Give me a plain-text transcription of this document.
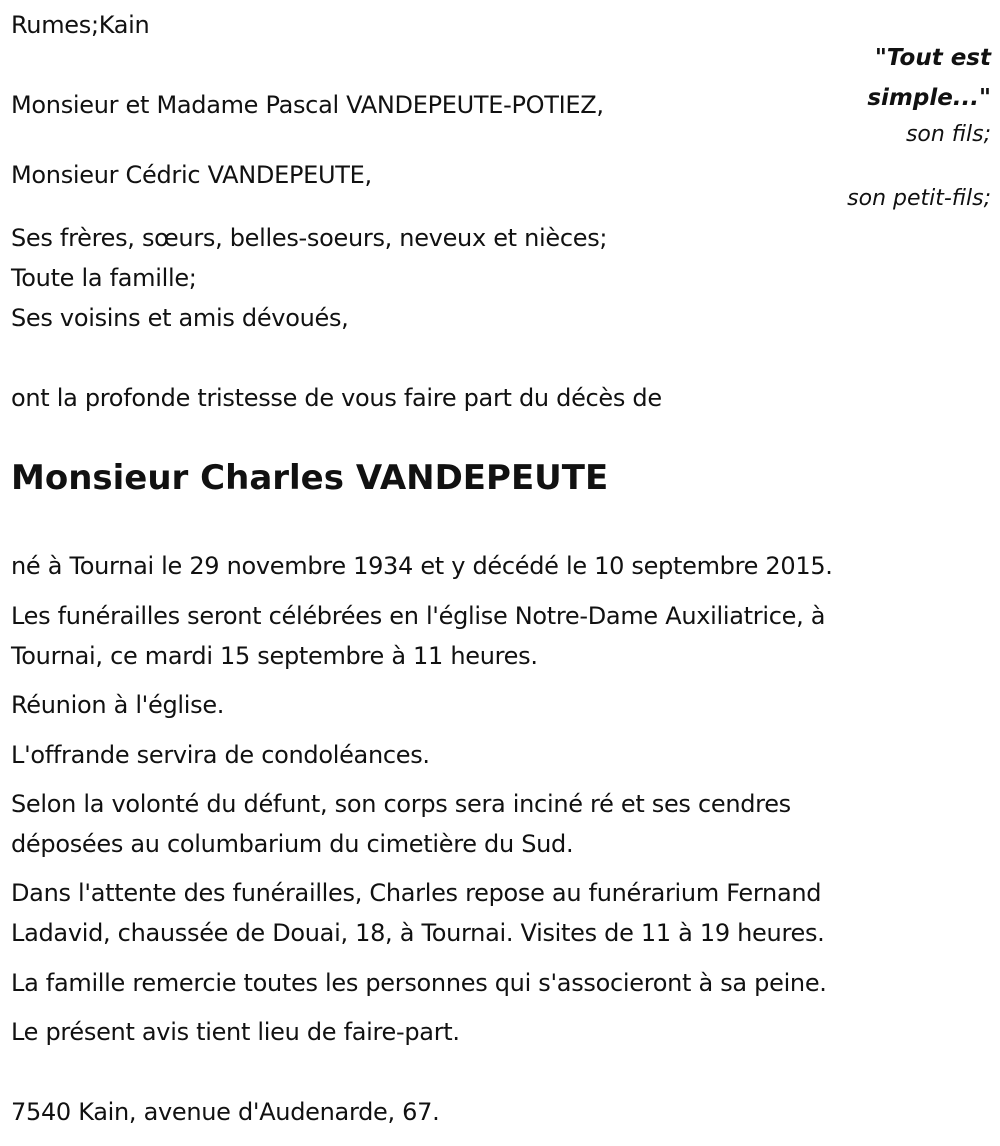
Rumes;Kain
"Tout est
simple..."
Monsieur et Madame Pascal VANDEPEUTE-POTIEZ,
son fils;
Monsieur Cédric VANDEPEUTE,
son petit-fils;
Ses frères, sœurs, belles-soeurs, neveux et nièces;
Toute la famille;
Ses voisins et amis dévoués,
ont la profonde tristesse de vous faire part du décès de
Monsieur Charles VANDEPEUTE
né à Tournai le 29 novembre 1934 et y décédé le 10 septembre 2015.
Les funérailles seront célébrées en l'église Notre-Dame Auxiliatrice, à
Tournai, ce mardi 15 septembre à 11 heures.
Réunion à l'église.
L'offrande servira de condoléances.
Selon la volonté du défunt, son corps sera inciné ré et ses cendres
déposées au columbarium du cimetière du Sud.
Dans l'attente des funérailles, Charles repose au funérarium Fernand
Ladavid, chaussée de Douai, 18, à Tournai. Visites de 11 à 19 heures.
La famille remercie toutes les personnes qui s'associeront à sa peine.
Le présent avis tient lieu de faire-part.
7540 Kain, avenue d'Audenarde, 67.
